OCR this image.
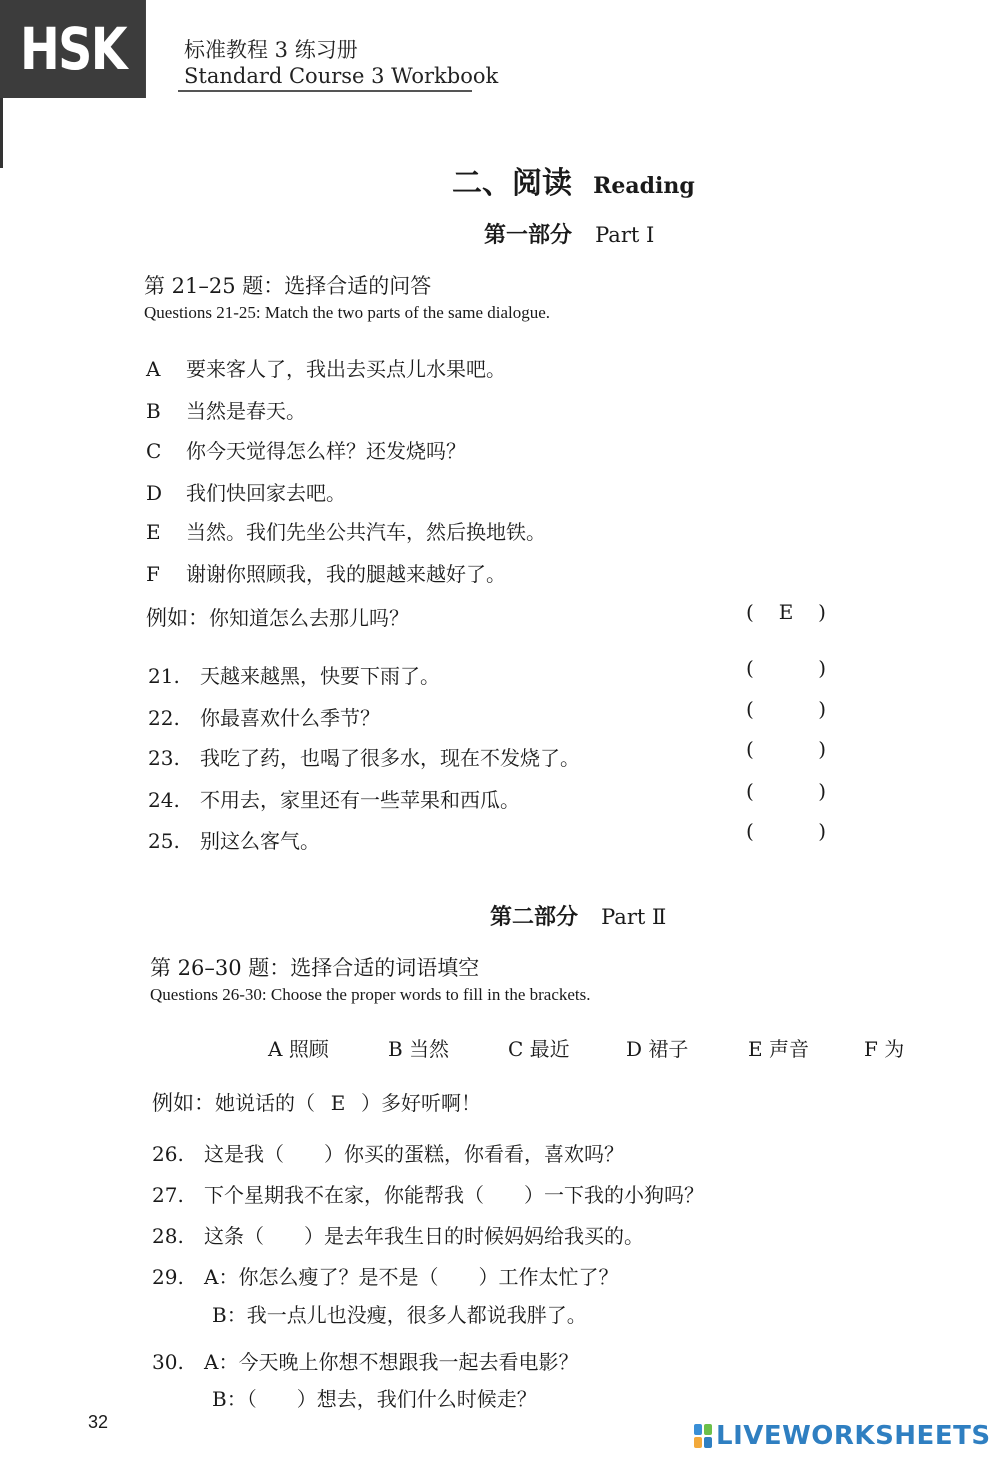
HSK	标准教程 3 练习册
Standard Course 3 Workbook
二、阅读 Reading
第一部分 Part Ⅰ
第 21–25 题：选择合适的问答
Questions 21-25: Match the two parts of the same dialogue.
A 要来客人了，我出去买点儿水果吧。
B 当然是春天。
C 你今天觉得怎么样？还发烧吗？
D 我们快回家去吧。
E 当然。我们先坐公共汽车，然后换地铁。
F 谢谢你照顾我，我的腿越来越好了。
例如：你知道怎么去那儿吗？	( E )
21. 天越来越黑，快要下雨了。	(	)
22. 你最喜欢什么季节？	(	)
23. 我吃了药，也喝了很多水，现在不发烧了。	(	)
24. 不用去，家里还有一些苹果和西瓜。	(	)
25. 别这么客气。	(	)
第二部分 Part Ⅱ
第 26–30 题：选择合适的词语填空
Questions 26-30: Choose the proper words to fill in the brackets.
A 照顾	B 当然	C 最近	D 裙子	E 声音	F 为
例如：她说话的（ E ）多好听啊！
26. 这是我（　　）你买的蛋糕，你看看，喜欢吗？
27. 下个星期我不在家，你能帮我（　　）一下我的小狗吗？
28. 这条（　　）是去年我生日的时候妈妈给我买的。
29. A：你怎么瘦了？是不是（　　）工作太忙了？
B：我一点儿也没瘦，很多人都说我胖了。
30. A：今天晚上你想不想跟我一起去看电影？
B：（　　）想去，我们什么时候走？
32	LIVEWORKSHEETS
